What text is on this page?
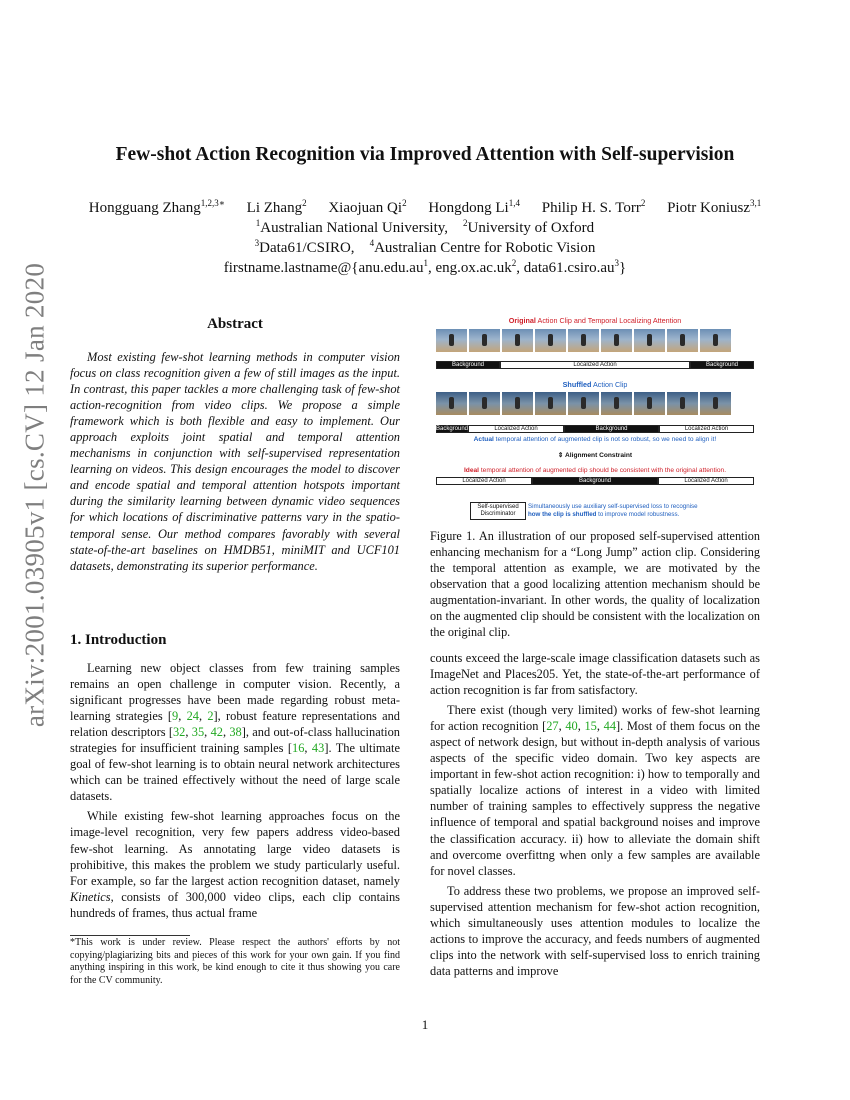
arXiv:2001.03905v1 [cs.CV] 12 Jan 2020
Few-shot Action Recognition via Improved Attention with Self-supervision
Hongguang Zhang$^{1,2,3∗}$ Li Zhang$^2$ Xiaojuan Qi$^2$ Hongdong Li$^{1,4}$ Philip H. S. Torr$^2$ Piotr Koniusz$^{3,1}$
$^1$Australian National University, $^2$University of Oxford
$^3$Data61/CSIRO, $^4$Australian Centre for Robotic Vision
$firstname.lastname@\{anu.edu.au^1$, $eng.ox.ac.uk^2$, $data61.csiro.au^3$}
Abstract
Most existing few-shot learning methods in computer vision focus on class recognition given a few of still images as the input. In contrast, this paper tackles a more challenging task of few-shot action-recognition from video clips. We propose a simple framework which is both flexible and easy to implement. Our approach exploits joint spatial and temporal attention mechanisms in conjunction with self-supervised representation learning on videos. This design encourages the model to discover and encode spatial and temporal attention hotspots important during the similarity learning between dynamic video sequences for which locations of discriminative patterns vary in the spatio-temporal sense. Our method compares favorably with several state-of-the-art baselines on HMDB51, miniMIT and UCF101 datasets, demonstrating its superior performance.
1. Introduction

Learning new object classes from few training samples remains an open challenge in computer vision. Recently, a significant progresses have been made regarding robust meta-learning strategies [9, 24, 2], robust feature representations and relation descriptors [32, 35, 42, 38], and out-of-class hallucination strategies for insufficient training samples [16, 43]. The ultimate goal of few-shot learning is to obtain neural network architectures which can be trained effectively without the need of large scale datasets.

While existing few-shot learning approaches focus on the image-level recognition, very few papers address video-based few-shot learning. As annotating large video datasets is prohibitive, this makes the problem we study particularly useful. For example, so far the largest action recognition dataset, namely Kinetics, consists of 300,000 video clips, each clip contains hundreds of frames, thus actual frame

*This work is under review. Please respect the authors' efforts by not copying/plagiarizing bits and pieces of this work for your own gain. If you find anything inspiring in this work, be kind enough to cite it thus showing you care for the CV community.
Original Action Clip and Temporal Localizing Attention
Background	Localized Action	Background
Shuffled Action Clip
Background	Localized Action	Background	Localized Action
Actual temporal attention of augmented clip is not so robust, so we need to align it!
⇕ Alignment Constraint
Ideal temporal attention of augmented clip should be consistent with the original attention.
Localized Action	Background	Localized Action
Self-supervised Discriminator
Simultaneously use auxiliary self-supervised loss to recognise
how the clip is shuffled to improve model robustness.
Figure 1. An illustration of our proposed self-supervised attention enhancing mechanism for a “Long Jump” action clip. Considering the temporal attention as example, we are motivated by the observation that a good localizing attention mechanism should be augmentation-invariant. In other words, the quality of localization on the augmented clip should be consistent with the localization on the original clip.

counts exceed the large-scale image classification datasets such as ImageNet and Places205. Yet, the state-of-the-art performance of action recognition is far from satisfactory.

There exist (though very limited) works of few-shot learning for action recognition [27, 40, 15, 44]. Most of them focus on the aspect of network design, but without in-depth analysis of various aspects of the specific video domain. Two key aspects are important in few-shot action recognition: i) how to temporally and spatially localize actions of interest in a video with limited number of training samples to effectively suppress the negative influence of temporal and spatial background noises and improve the classification accuracy. ii) how to alleviate the domain shift and overcome overfittng when only a few samples are available for novel classes.

To address these two problems, we propose an improved self-supervised attention mechanism for few-shot action recognition, which simultaneously uses attention modules to localize the actions to improve the accuracy, and feeds numbers of augmented clips into the network with self-supervised loss to enrich training data patterns and improve

1
